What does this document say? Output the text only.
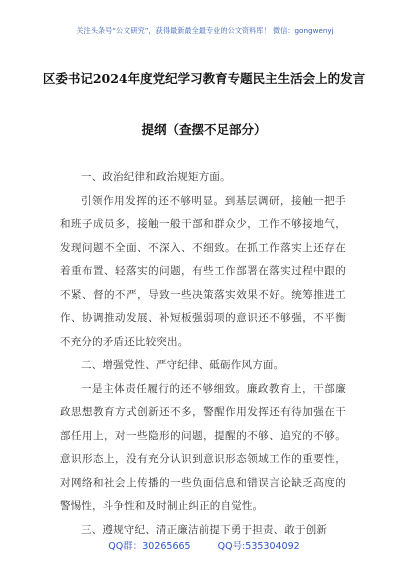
关注头条号“公文研究”，获得最新最全最专业的公文资料库！ 微信：gongwenyj
区委书记2024年度党纪学习教育专题民主生活会上的发言
提纲（查摆不足部分）

一、政治纪律和政治规矩方面。

引领作用发挥的还不够明显。到基层调研，接触一把手和班子成员多，接触一般干部和群众少，工作不够接地气，发现问题不全面、不深入、不细致。在抓工作落实上还存在着重布置、轻落实的问题，有些工作部署在落实过程中跟的不紧、督的不严，导致一些决策落实效果不好。统筹推进工作、协调推动发展、补短板强弱项的意识还不够强，不平衡不充分的矛盾还比较突出。

二、增强党性、严守纪律、砥砺作风方面。

一是主体责任履行的还不够细致。廉政教育上，干部廉政思想教育方式创新还不多，警醒作用发挥还有待加强在干部任用上，对一些隐形的问题，提醒的不够、追究的不够。意识形态上，没有充分认识到意识形态领域工作的重要性，对网络和社会上传播的一些负面信息和错误言论缺乏高度的警惕性，斗争性和及时制止纠正的自觉性。

三、遵规守纪、清正廉洁前提下勇于担责、敢于创新

QQ群：30265665	QQ号:535304092
